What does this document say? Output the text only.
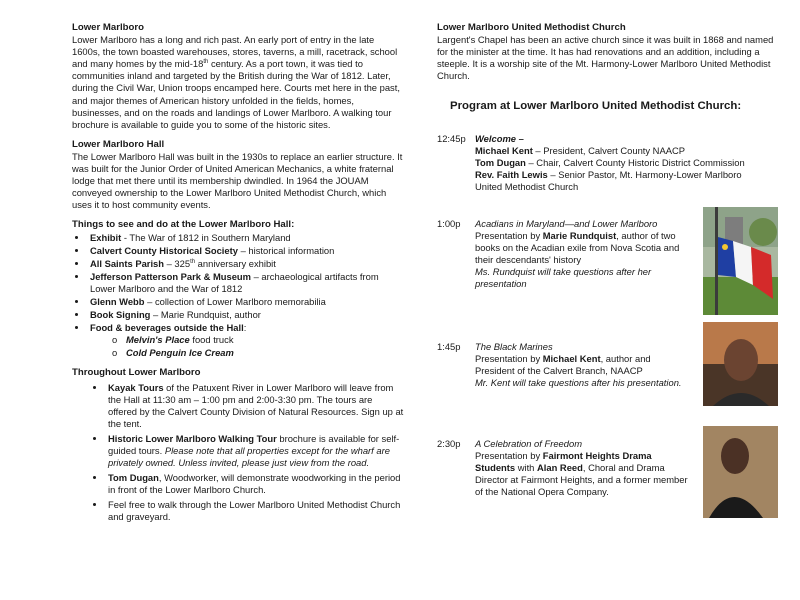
Lower Marlboro

Lower Marlboro has a long and rich past. An early port of entry in the late 1600s, the town boasted warehouses, stores, taverns, a mill, racetrack, school and many homes by the mid-18th century. As a port town, it was tied to communities inland and targeted by the British during the War of 1812. Later, during the Civil War, Union troops encamped here. Courts met here in the past, and major themes of American history unfolded in the fields, homes, businesses, and on the roads and landings of Lower Marlboro. A walking tour brochure is available to guide you to some of the historic sites.

Lower Marlboro Hall

The Lower Marlboro Hall was built in the 1930s to replace an earlier structure. It was built for the Junior Order of United American Mechanics, a white fraternal lodge that met there until its membership dwindled. In 1964 the JOUAM conveyed ownership to the Lower Marlboro United Methodist Church, which uses it to host community events.

Things to see and do at the Lower Marlboro Hall:
• Exhibit - The War of 1812 in Southern Maryland
• Calvert County Historical Society – historical information
• All Saints Parish – 325th anniversary exhibit
• Jefferson Patterson Park & Museum – archaeological artifacts from Lower Marlboro and the War of 1812
• Glenn Webb – collection of Lower Marlboro memorabilia
• Book Signing – Marie Rundquist, author
• Food & beverages outside the Hall:
o Melvin's Place food truck
o Cold Penguin Ice Cream
Throughout Lower Marlboro
• Kayak Tours of the Patuxent River in Lower Marlboro will leave from the Hall at 11:30 am – 1:00 pm and 2:00-3:30 pm. The tours are offered by the Calvert County Division of Natural Resources. Sign up at the tent.
• Historic Lower Marlboro Walking Tour brochure is available for self-guided tours. Please note that all properties except for the wharf are privately owned. Unless invited, please just view from the road.
• Tom Dugan, Woodworker, will demonstrate woodworking in the period in front of the Lower Marlboro Church.
• Feel free to walk through the Lower Marlboro United Methodist Church and graveyard.
Lower Marlboro United Methodist Church

Largent's Chapel has been an active church since it was built in 1868 and named for the minister at the time. It has had renovations and an addition, including a steeple. It is a worship site of the Mt. Harmony-Lower Marlboro United Methodist Church.

Program at Lower Marlboro United Methodist Church:
12:45p Welcome –
Michael Kent – President, Calvert County NAACP
Tom Dugan – Chair, Calvert County Historic District Commission
Rev. Faith Lewis – Senior Pastor, Mt. Harmony-Lower Marlboro United Methodist Church
1:00p	Acadians in Maryland—and Lower Marlboro
Presentation by Marie Rundquist, author of two books on the Acadian exile from Nova Scotia and their descendants' history
Ms. Rundquist will take questions after her presentation
1:45p	The Black Marines
Presentation by Michael Kent, author and President of the Calvert Branch, NAACP
Mr. Kent will take questions after his presentation.
2:30p	A Celebration of Freedom
Presentation by Fairmont Heights Drama Students with Alan Reed, Choral and Drama Director at Fairmont Heights, and a former member of the National Opera Company.
